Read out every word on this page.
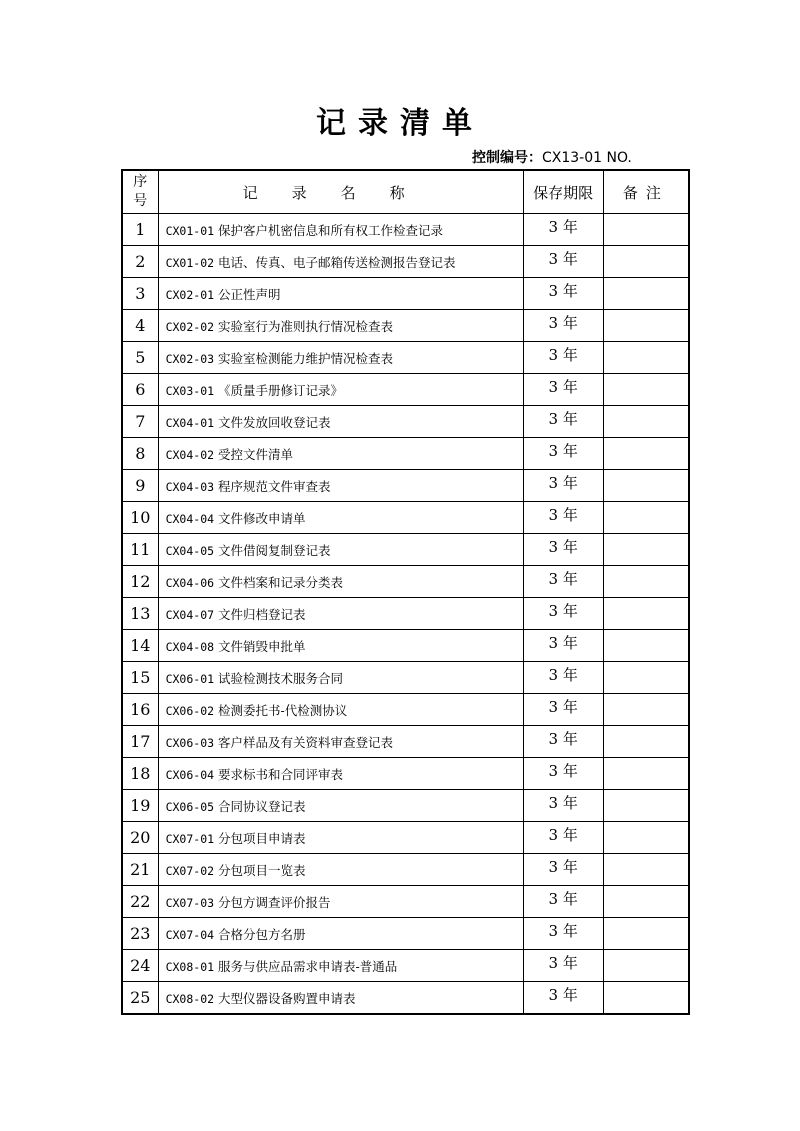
记录清单
控制编号：CX13-01 NO.
序
号	记录名称	保存期限	备注
1	CX01-01 保护客户机密信息和所有权工作检查记录	3 年	
2	CX01-02 电话、传真、电子邮箱传送检测报告登记表	3 年	
3	CX02-01 公正性声明	3 年	
4	CX02-02 实验室行为准则执行情况检查表	3 年	
5	CX02-03 实验室检测能力维护情况检查表	3 年	
6	CX03-01 《质量手册修订记录》	3 年	
7	CX04-01 文件发放回收登记表	3 年	
8	CX04-02 受控文件清单	3 年	
9	CX04-03 程序规范文件审查表	3 年	
10	CX04-04 文件修改申请单	3 年	
11	CX04-05 文件借阅复制登记表	3 年	
12	CX04-06 文件档案和记录分类表	3 年	
13	CX04-07 文件归档登记表	3 年	
14	CX04-08 文件销毁申批单	3 年	
15	CX06-01 试验检测技术服务合同	3 年	
16	CX06-02 检测委托书-代检测协议	3 年	
17	CX06-03 客户样品及有关资料审查登记表	3 年	
18	CX06-04 要求标书和合同评审表	3 年	
19	CX06-05 合同协议登记表	3 年	
20	CX07-01 分包项目申请表	3 年	
21	CX07-02 分包项目一览表	3 年	
22	CX07-03 分包方调查评价报告	3 年	
23	CX07-04 合格分包方名册	3 年	
24	CX08-01 服务与供应品需求申请表-普通品	3 年	
25	CX08-02 大型仪器设备购置申请表	3 年	
